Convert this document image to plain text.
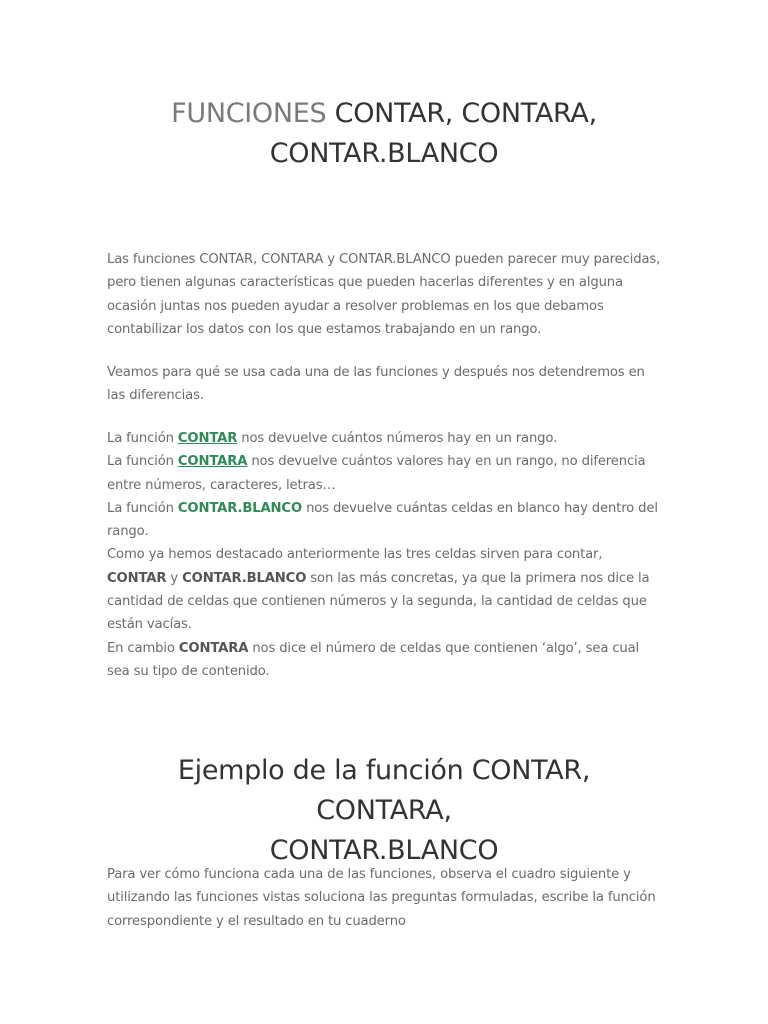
FUNCIONES CONTAR, CONTARA,
CONTAR.BLANCO

Las funciones CONTAR, CONTARA y CONTAR.BLANCO pueden parecer muy parecidas, pero tienen algunas características que pueden hacerlas diferentes y en alguna ocasión juntas nos pueden ayudar a resolver problemas en los que debamos contabilizar los datos con los que estamos trabajando en un rango.

Veamos para qué se usa cada una de las funciones y después nos detendremos en las diferencias.

La función CONTAR nos devuelve cuántos números hay en un rango.
La función CONTARA nos devuelve cuántos valores hay en un rango, no diferencia entre números, caracteres, letras…
La función CONTAR.BLANCO nos devuelve cuántas celdas en blanco hay dentro del rango.
Como ya hemos destacado anteriormente las tres celdas sirven para contar, CONTAR y CONTAR.BLANCO son las más concretas, ya que la primera nos dice la cantidad de celdas que contienen números y la segunda, la cantidad de celdas que están vacías.
En cambio CONTARA nos dice el número de celdas que contienen ‘algo’, sea cual sea su tipo de contenido.

Ejemplo de la función CONTAR, CONTARA,
CONTAR.BLANCO

Para ver cómo funciona cada una de las funciones, observa el cuadro siguiente y utilizando las funciones vistas soluciona las preguntas formuladas, escribe la función correspondiente y el resultado en tu cuaderno
